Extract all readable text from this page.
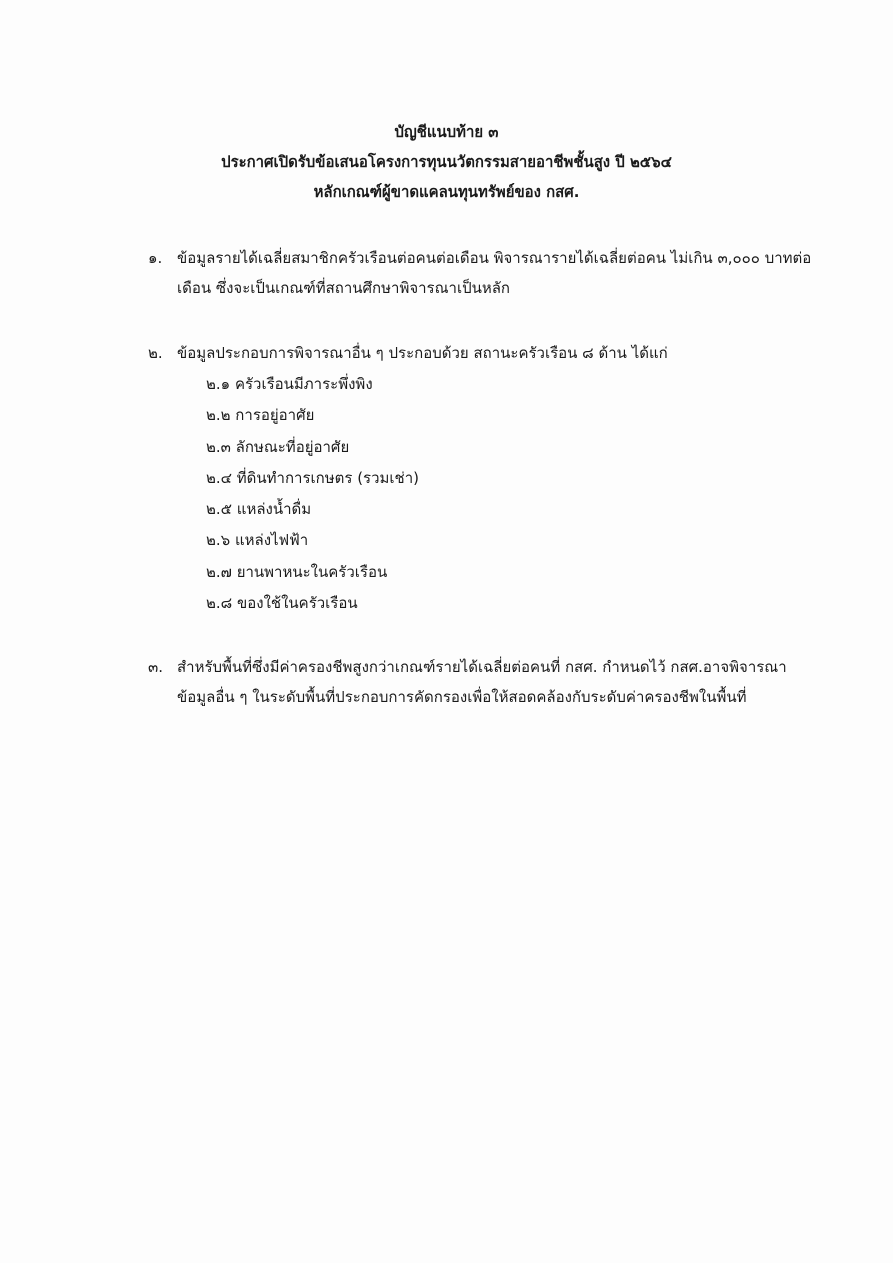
บัญชีแนบท้าย ๓
ประกาศเปิดรับข้อเสนอโครงการทุนนวัตกรรมสายอาชีพชั้นสูง ปี ๒๕๖๔
หลักเกณฑ์ผู้ขาดแคลนทุนทรัพย์ของ กสศ.
๑. ข้อมูลรายได้เฉลี่ยสมาชิกครัวเรือนต่อคนต่อเดือน พิจารณารายได้เฉลี่ยต่อคน ไม่เกิน ๓,๐๐๐ บาทต่อ
เดือน ซึ่งจะเป็นเกณฑ์ที่สถานศึกษาพิจารณาเป็นหลัก
๒. ข้อมูลประกอบการพิจารณาอื่น ๆ ประกอบด้วย สถานะครัวเรือน ๘ ด้าน ได้แก่
๒.๑ ครัวเรือนมีภาระพึ่งพิง
๒.๒ การอยู่อาศัย
๒.๓ ลักษณะที่อยู่อาศัย
๒.๔ ที่ดินทำการเกษตร (รวมเช่า)
๒.๕ แหล่งน้ำดื่ม
๒.๖ แหล่งไฟฟ้า
๒.๗ ยานพาหนะในครัวเรือน
๒.๘ ของใช้ในครัวเรือน
๓. สำหรับพื้นที่ซึ่งมีค่าครองชีพสูงกว่าเกณฑ์รายได้เฉลี่ยต่อคนที่ กสศ. กำหนดไว้ กสศ.อาจพิจารณา
ข้อมูลอื่น ๆ ในระดับพื้นที่ประกอบการคัดกรองเพื่อให้สอดคล้องกับระดับค่าครองชีพในพื้นที่
